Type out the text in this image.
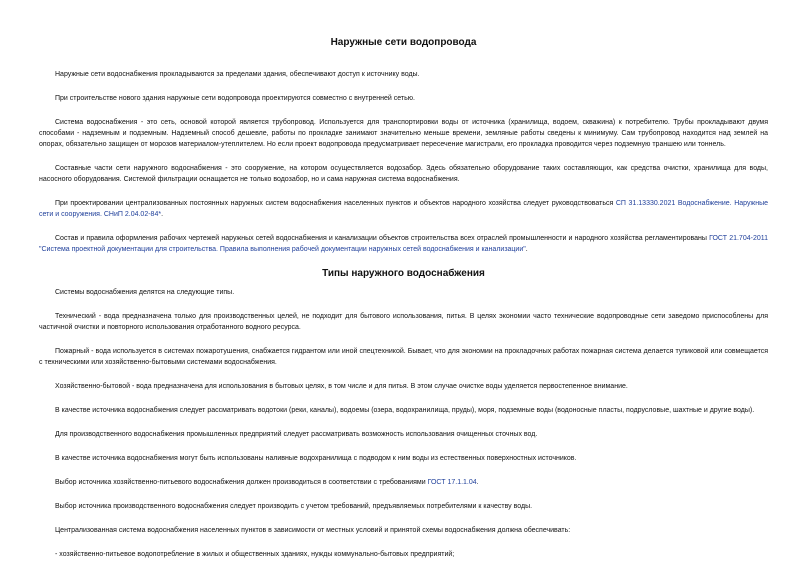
Наружные сети водопровода

Наружные сети водоснабжения прокладываются за пределами здания, обеспечивают доступ к источнику воды.

При строительстве нового здания наружные сети водопровода проектируются совместно с внутренней сетью.

Система водоснабжения - это сеть, основой которой является трубопровод. Используется для транспортировки воды от источника (хранилища, водоем, скважина) к потребителю. Трубы прокладывают двумя способами - надземным и подземным. Надземный способ дешевле, работы по прокладке занимают значительно меньше времени, земляные работы сведены к минимуму. Сам трубопровод находится над землей на опорах, обязательно защищен от морозов материалом-утеплителем. Но если проект водопровода предусматривает пересечение магистрали, его прокладка проводится через подземную траншею или тоннель.

Составные части сети наружного водоснабжения - это сооружение, на котором осуществляется водозабор. Здесь обязательно оборудование таких составляющих, как средства очистки, хранилища для воды, насосного оборудования. Системой фильтрации оснащается не только водозабор, но и сама наружная система водоснабжения.

При проектировании централизованных постоянных наружных систем водоснабжения населенных пунктов и объектов народного хозяйства следует руководствоваться СП 31.13330.2021 Водоснабжение. Наружные сети и сооружения. СНиП 2.04.02-84*.

Состав и правила оформления рабочих чертежей наружных сетей водоснабжения и канализации объектов строительства всех отраслей промышленности и народного хозяйства регламентированы ГОСТ 21.704-2011 "Система проектной документации для строительства. Правила выполнения рабочей документации наружных сетей водоснабжения и канализации".

Типы наружного водоснабжения

Системы водоснабжения делятся на следующие типы.

Технический - вода предназначена только для производственных целей, не подходит для бытового использования, питья. В целях экономии часто технические водопроводные сети заведомо приспособлены для частичной очистки и повторного использования отработанного водного ресурса.

Пожарный - вода используется в системах пожаротушения, снабжается гидрантом или иной спецтехникой. Бывает, что для экономии на прокладочных работах пожарная система делается тупиковой или совмещается с техническими или хозяйственно-бытовыми системами водоснабжения.

Хозяйственно-бытовой - вода предназначена для использования в бытовых целях, в том числе и для питья. В этом случае очистке воды уделяется первостепенное внимание.

В качестве источника водоснабжения следует рассматривать водотоки (реки, каналы), водоемы (озера, водохранилища, пруды), моря, подземные воды (водоносные пласты, подрусловые, шахтные и другие воды).

Для производственного водоснабжения промышленных предприятий следует рассматривать возможность использования очищенных сточных вод.

В качестве источника водоснабжения могут быть использованы наливные водохранилища с подводом к ним воды из естественных поверхностных источников.

Выбор источника хозяйственно-питьевого водоснабжения должен производиться в соответствии с требованиями ГОСТ 17.1.1.04.

Выбор источника производственного водоснабжения следует производить с учетом требований, предъявляемых потребителями к качеству воды.

Централизованная система водоснабжения населенных пунктов в зависимости от местных условий и принятой схемы водоснабжения должна обеспечивать:

- хозяйственно-питьевое водопотребление в жилых и общественных зданиях, нужды коммунально-бытовых предприятий;
